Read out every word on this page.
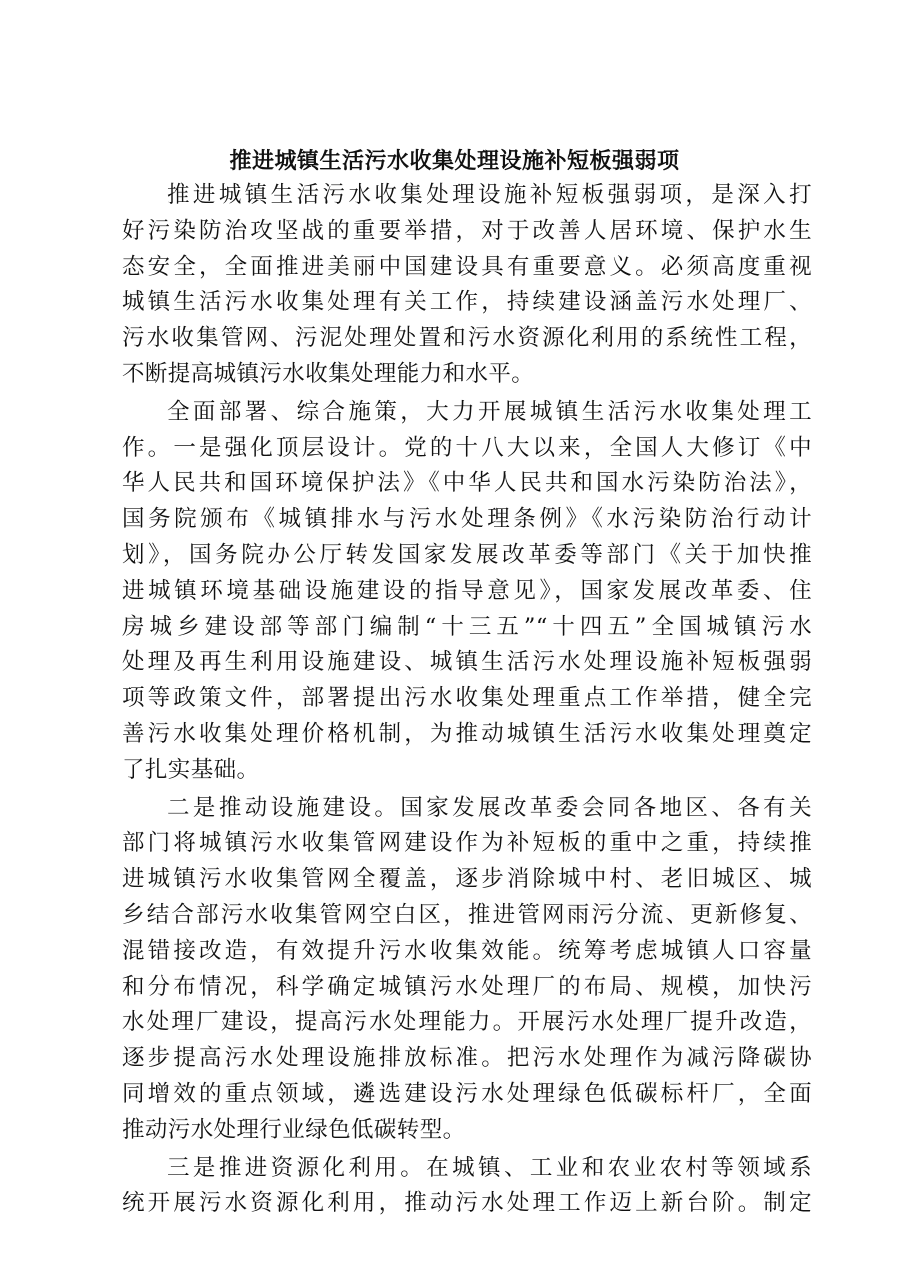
推进城镇生活污水收集处理设施补短板强弱项
推进城镇生活污水收集处理设施补短板强弱项，是深入打
好污染防治攻坚战的重要举措，对于改善人居环境、保护水生
态安全，全面推进美丽中国建设具有重要意义。必须高度重视
城镇生活污水收集处理有关工作，持续建设涵盖污水处理厂、
污水收集管网、污泥处理处置和污水资源化利用的系统性工程，
不断提高城镇污水收集处理能力和水平。
全面部署、综合施策，大力开展城镇生活污水收集处理工
作。一是强化顶层设计。党的十八大以来，全国人大修订《中
华人民共和国环境保护法》《中华人民共和国水污染防治法》，
国务院颁布《城镇排水与污水处理条例》《水污染防治行动计
划》，国务院办公厅转发国家发展改革委等部门《关于加快推
进城镇环境基础设施建设的指导意见》，国家发展改革委、住
房城乡建设部等部门编制“十三五”“十四五”全国城镇污水
处理及再生利用设施建设、城镇生活污水处理设施补短板强弱
项等政策文件，部署提出污水收集处理重点工作举措，健全完
善污水收集处理价格机制，为推动城镇生活污水收集处理奠定
了扎实基础。
二是推动设施建设。国家发展改革委会同各地区、各有关
部门将城镇污水收集管网建设作为补短板的重中之重，持续推
进城镇污水收集管网全覆盖，逐步消除城中村、老旧城区、城
乡结合部污水收集管网空白区，推进管网雨污分流、更新修复、
混错接改造，有效提升污水收集效能。统筹考虑城镇人口容量
和分布情况，科学确定城镇污水处理厂的布局、规模，加快污
水处理厂建设，提高污水处理能力。开展污水处理厂提升改造，
逐步提高污水处理设施排放标准。把污水处理作为减污降碳协
同增效的重点领域，遴选建设污水处理绿色低碳标杆厂，全面
推动污水处理行业绿色低碳转型。
三是推进资源化利用。在城镇、工业和农业农村等领域系
统开展污水资源化利用，推动污水处理工作迈上新台阶。制定
